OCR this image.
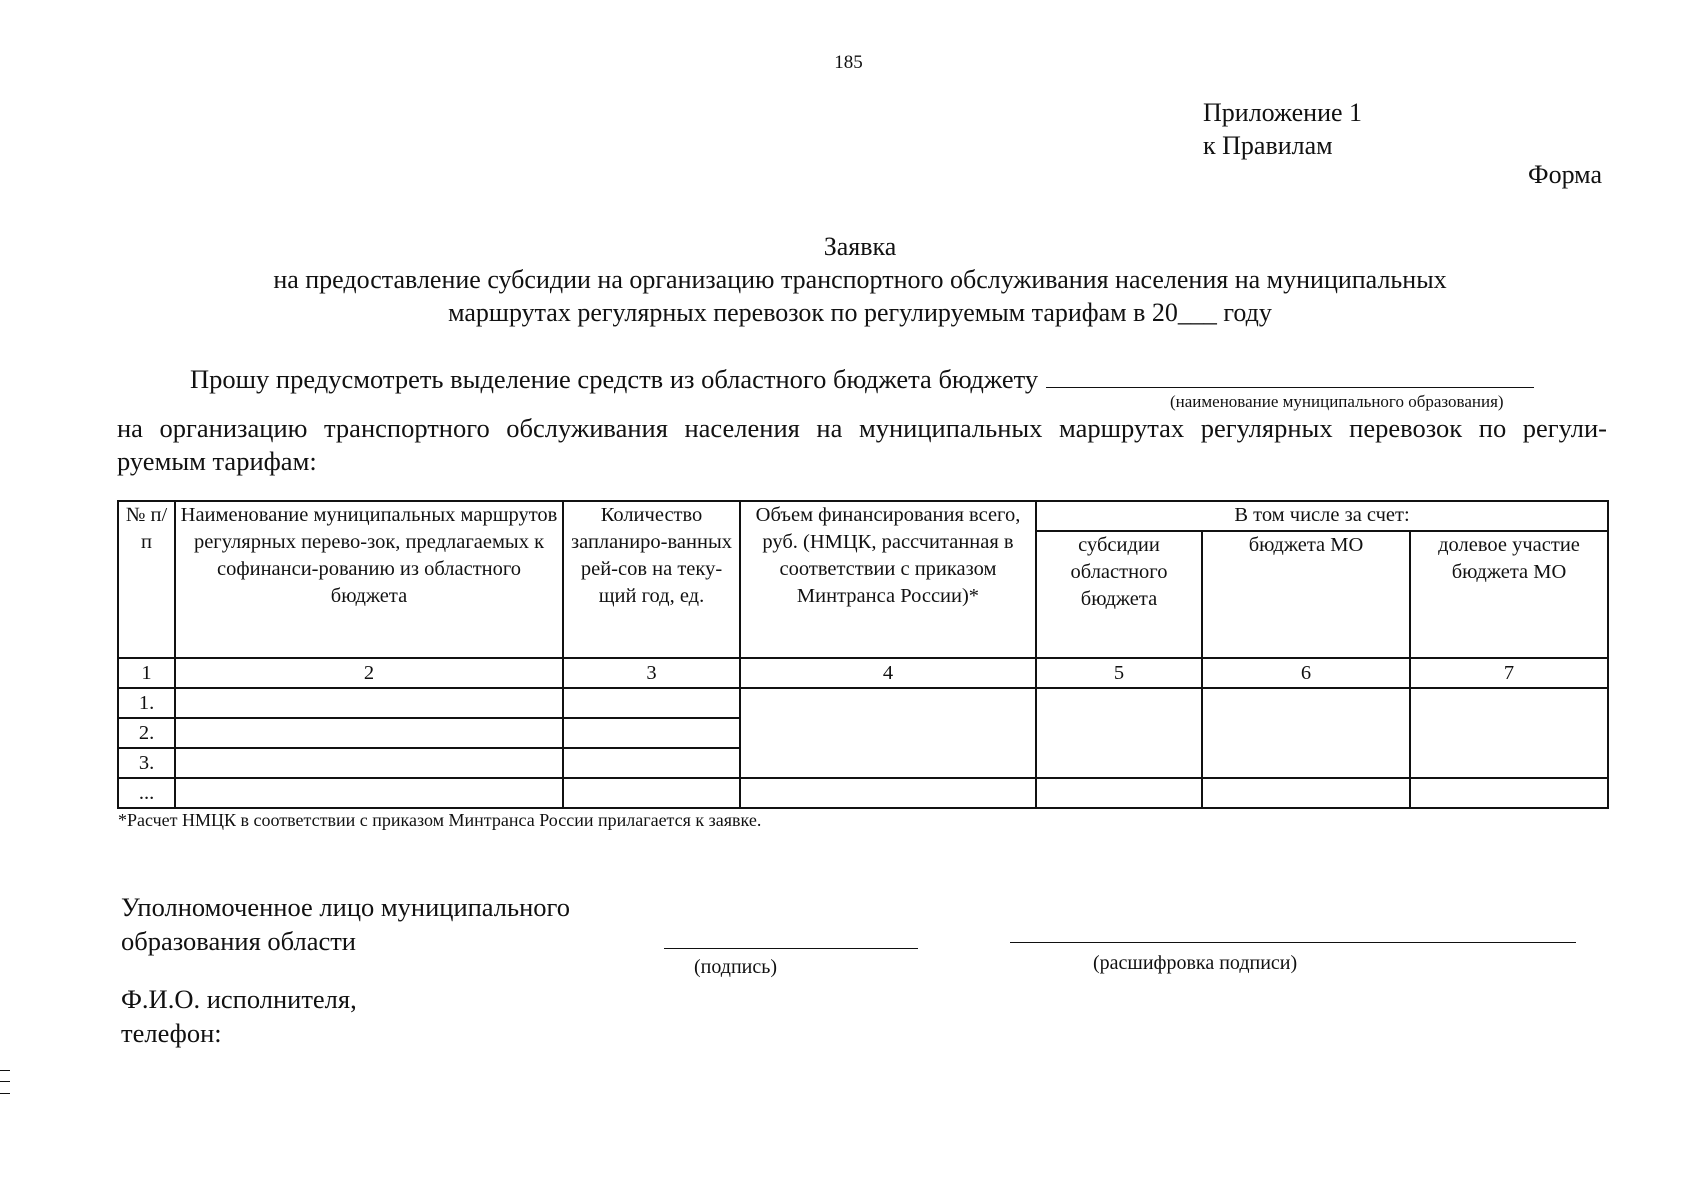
185
Приложение 1
к Правилам
Форма
Заявка
на предоставление субсидии на организацию транспортного обслуживания населения на муниципальных
маршрутах регулярных перевозок по регулируемым тарифам в 20___ году
Прошу предусмотреть выделение средств из областного бюджета бюджету
(наименование муниципального образования)
на организацию транспортного обслуживания населения на муниципальных маршрутах регулярных перевозок по регули-
руемым тарифам:
№ п/п	Наименование муниципальных маршрутов регулярных перево-зок, предлагаемых к софинанси-рованию из областного бюджета	Количество запланиро-ванных рей-сов на теку-щий год, ед.	Объем финансирования всего, руб. (НМЦК, рассчитанная в соответствии с приказом Минтранса России)*	В том числе за счет:		
				субсидии областного бюджета	бюджета МО	долевое участие бюджета МО
1	2	3	4	5	6	7
1.						
2.						
3.						
...						
*Расчет НМЦК в соответствии с приказом Минтранса России прилагается к заявке.
Уполномоченное лицо муниципального
образования области
(подпись)	(расшифровка подписи)
Ф.И.О. исполнителя,
телефон:
